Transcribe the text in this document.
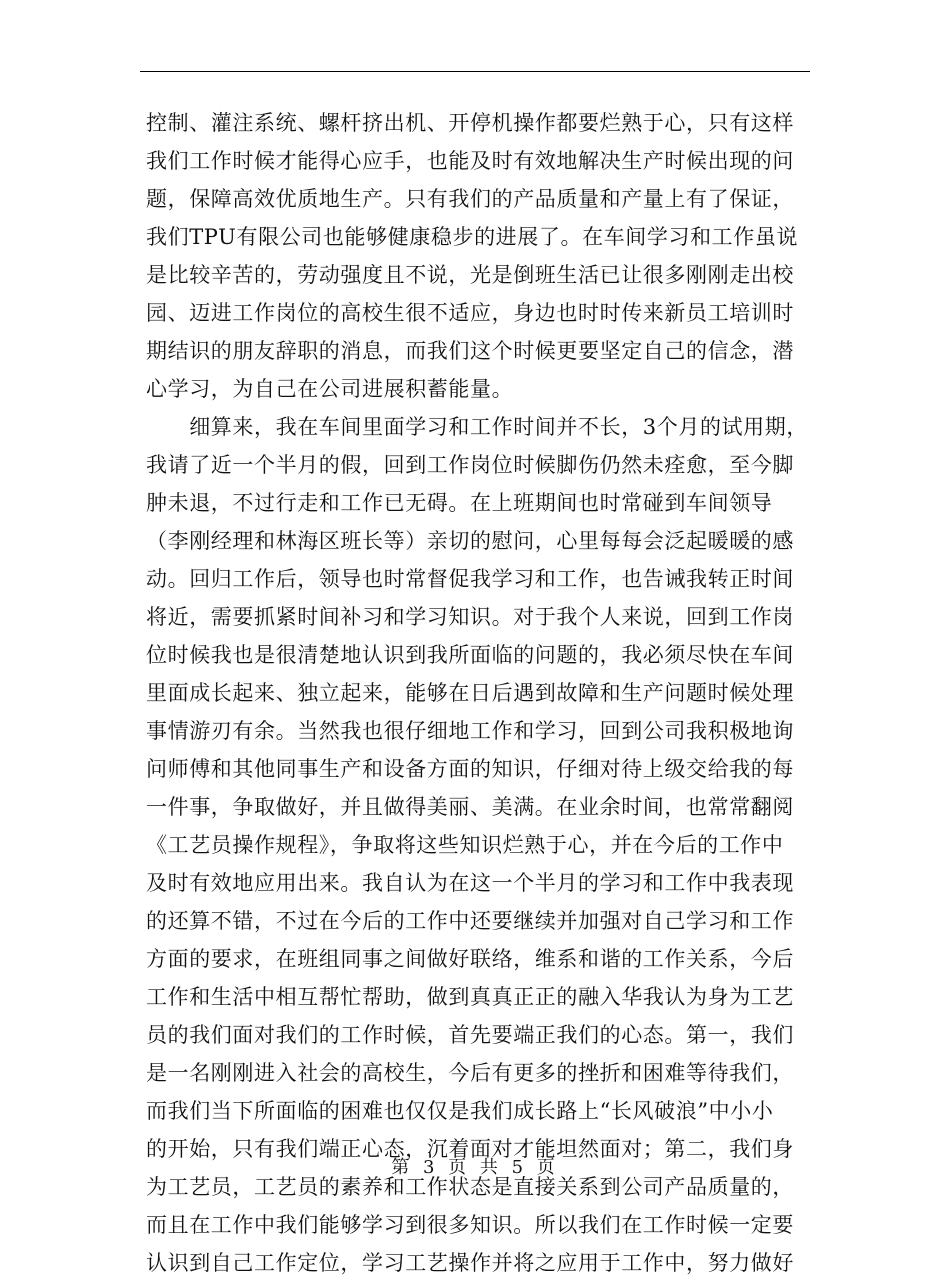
控制、灌注系统、螺杆挤出机、开停机操作都要烂熟于心，只有这样
我们工作时候才能得心应手，也能及时有效地解决生产时候出现的问
题，保障高效优质地生产。只有我们的产品质量和产量上有了保证，
我们TPU有限公司也能够健康稳步的进展了。在车间学习和工作虽说
是比较辛苦的，劳动强度且不说，光是倒班生活已让很多刚刚走出校
园、迈进工作岗位的高校生很不适应，身边也时时传来新员工培训时
期结识的朋友辞职的消息，而我们这个时候更要坚定自己的信念，潜
心学习，为自己在公司进展积蓄能量。
　　细算来，我在车间里面学习和工作时间并不长，3个月的试用期，
我请了近一个半月的假，回到工作岗位时候脚伤仍然未痊愈，至今脚
肿未退，不过行走和工作已无碍。在上班期间也时常碰到车间领导
（李刚经理和林海区班长等）亲切的慰问，心里每每会泛起暖暖的感
动。回归工作后，领导也时常督促我学习和工作，也告诫我转正时间
将近，需要抓紧时间补习和学习知识。对于我个人来说，回到工作岗
位时候我也是很清楚地认识到我所面临的问题的，我必须尽快在车间
里面成长起来、独立起来，能够在日后遇到故障和生产问题时候处理
事情游刃有余。当然我也很仔细地工作和学习，回到公司我积极地询
问师傅和其他同事生产和设备方面的知识，仔细对待上级交给我的每
一件事，争取做好，并且做得美丽、美满。在业余时间，也常常翻阅
《工艺员操作规程》，争取将这些知识烂熟于心，并在今后的工作中
及时有效地应用出来。我自认为在这一个半月的学习和工作中我表现
的还算不错，不过在今后的工作中还要继续并加强对自己学习和工作
方面的要求，在班组同事之间做好联络，维系和谐的工作关系，今后
工作和生活中相互帮忙帮助，做到真真正正的融入华我认为身为工艺
员的我们面对我们的工作时候，首先要端正我们的心态。第一，我们
是一名刚刚进入社会的高校生，今后有更多的挫折和困难等待我们，
而我们当下所面临的困难也仅仅是我们成长路上“长风破浪”中小小
的开始，只有我们端正心态，沉着面对才能坦然面对；第二，我们身
为工艺员，工艺员的素养和工作状态是直接关系到公司产品质量的，
而且在工作中我们能够学习到很多知识。所以我们在工作时候一定要
认识到自己工作定位，学习工艺操作并将之应用于工作中，努力做好
第 3 页 共 5 页
